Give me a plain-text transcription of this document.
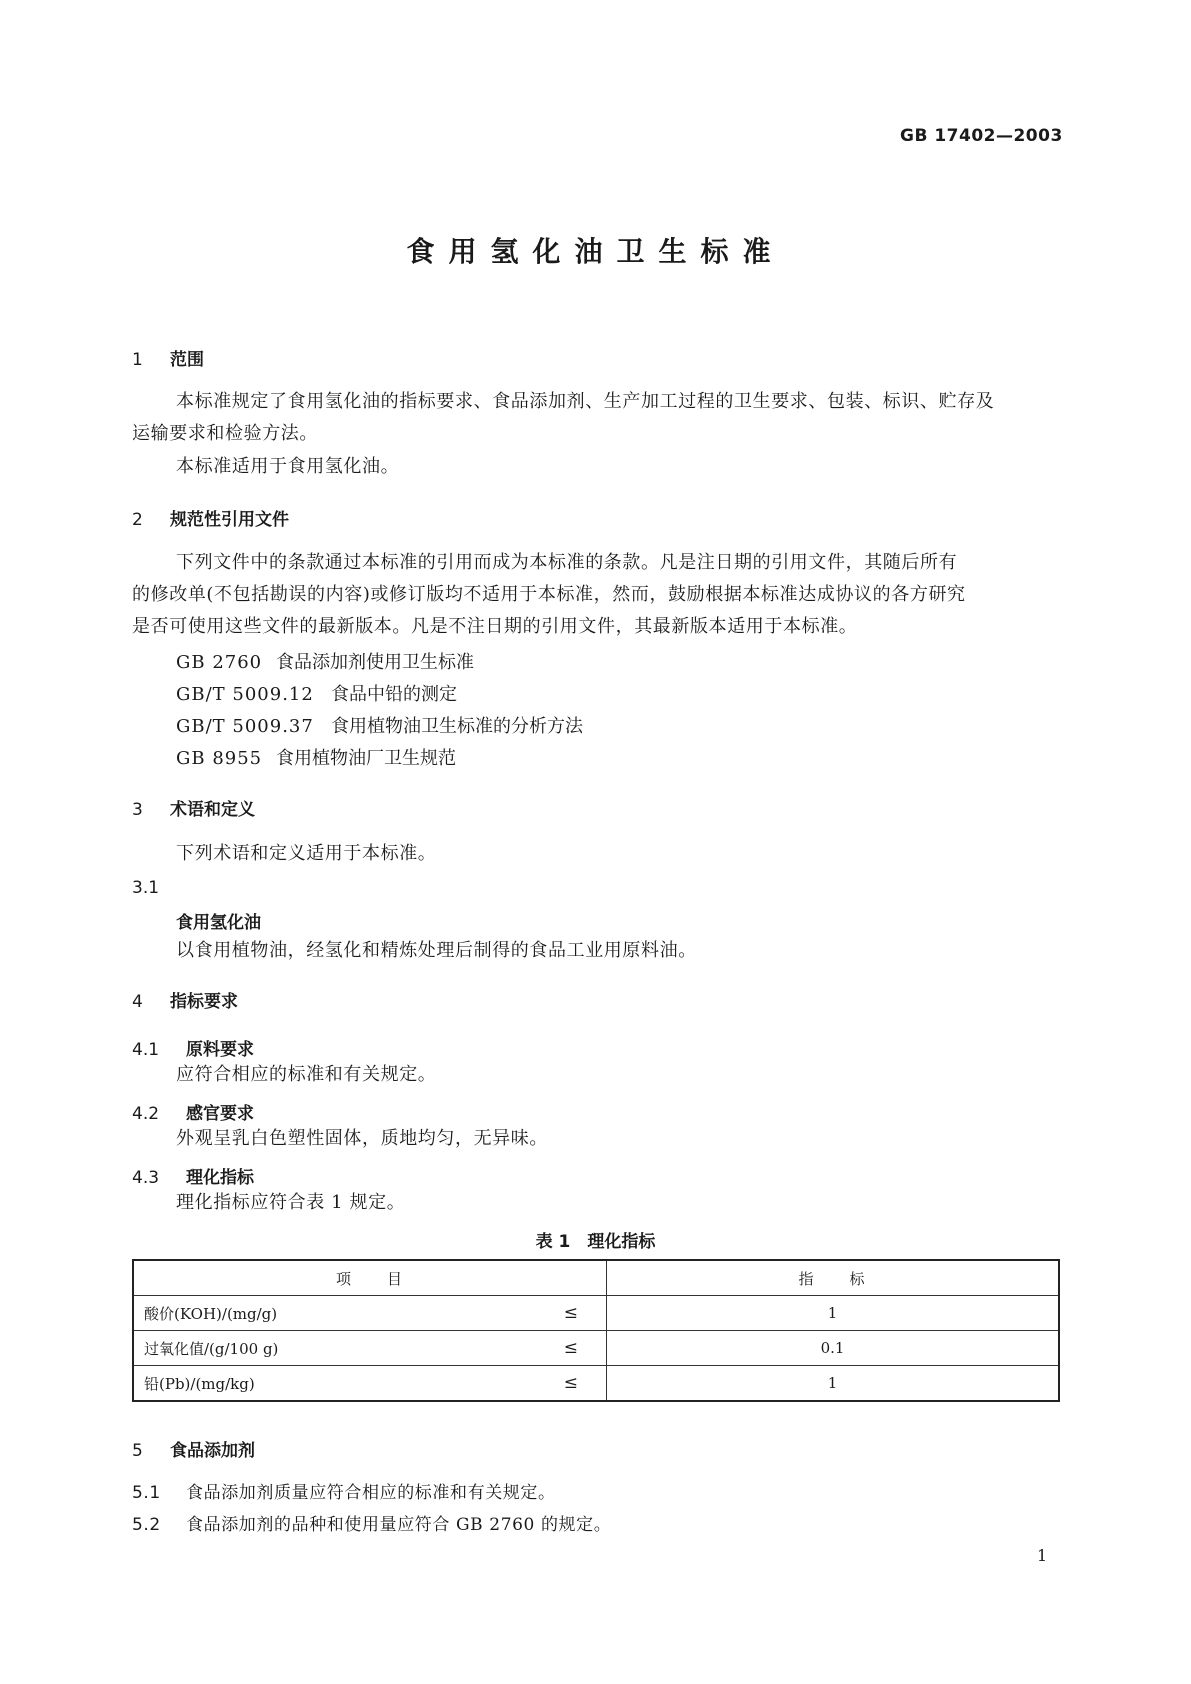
GB 17402—2003
食用氢化油卫生标准
1 范围
本标准规定了食用氢化油的指标要求、食品添加剂、生产加工过程的卫生要求、包装、标识、贮存及
运输要求和检验方法。
本标准适用于食用氢化油。
2 规范性引用文件
下列文件中的条款通过本标准的引用而成为本标准的条款。凡是注日期的引用文件，其随后所有
的修改单(不包括勘误的内容)或修订版均不适用于本标准，然而，鼓励根据本标准达成协议的各方研究
是否可使用这些文件的最新版本。凡是不注日期的引用文件，其最新版本适用于本标准。
GB 2760 食品添加剂使用卫生标准
GB/T 5009.12 食品中铅的测定
GB/T 5009.37 食用植物油卫生标准的分析方法
GB 8955 食用植物油厂卫生规范
3 术语和定义
下列术语和定义适用于本标准。
3.1
食用氢化油
以食用植物油，经氢化和精炼处理后制得的食品工业用原料油。
4 指标要求
4.1 原料要求
应符合相应的标准和有关规定。
4.2 感官要求
外观呈乳白色塑性固体，质地均匀，无异味。
4.3 理化指标
理化指标应符合表 1 规定。
表 1　理化指标
项　　目	指　　标
酸价(KOH)/(mg/g) ≤	1
过氧化值/(g/100 g) ≤	0.1
铅(Pb)/(mg/kg) ≤	1
5 食品添加剂
5.1 食品添加剂质量应符合相应的标准和有关规定。
5.2 食品添加剂的品种和使用量应符合 GB 2760 的规定。
1
